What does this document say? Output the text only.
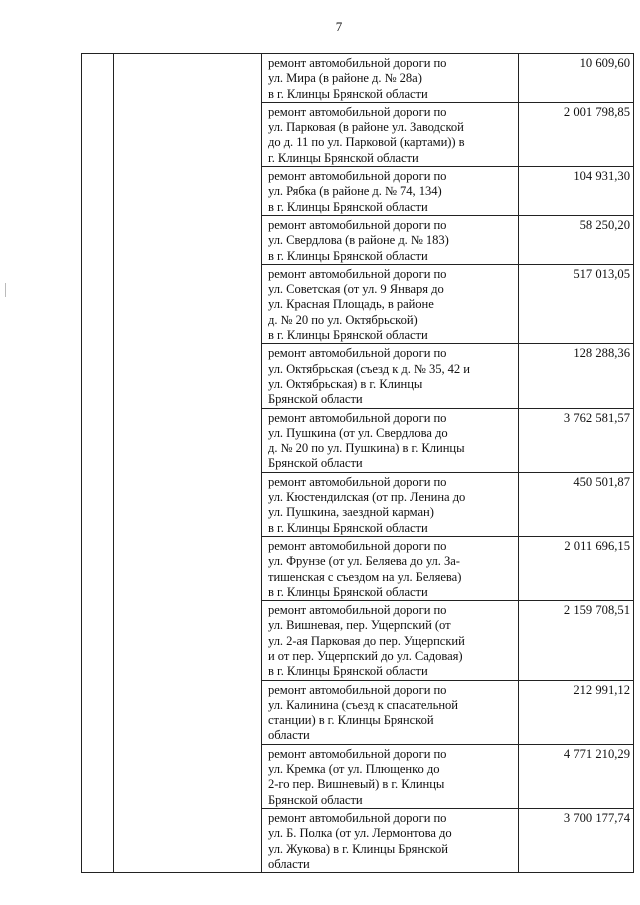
7

		ремонт автомобильной дороги по
ул. Мира (в районе д. № 28а)
в г. Клинцы Брянской области	10 609,60

		ремонт автомобильной дороги по
ул. Парковая (в районе ул. Заводской
до д. 11 по ул. Парковой (картами)) в
г. Клинцы Брянской области	2 001 798,85

		ремонт автомобильной дороги по
ул. Рябка (в районе д. № 74, 134)
в г. Клинцы Брянской области	104 931,30

		ремонт автомобильной дороги по
ул. Свердлова (в районе д. № 183)
в г. Клинцы Брянской области	58 250,20

		ремонт автомобильной дороги по
ул. Советская (от ул. 9 Января до
ул. Красная Площадь, в районе
д. № 20 по ул. Октябрьской)
в г. Клинцы Брянской области	517 013,05

		ремонт автомобильной дороги по
ул. Октябрьская (съезд к д. № 35, 42 и
ул. Октябрьская) в г. Клинцы
Брянской области	128 288,36

		ремонт автомобильной дороги по
ул. Пушкина (от ул. Свердлова до
д. № 20 по ул. Пушкина) в г. Клинцы
Брянской области	3 762 581,57

		ремонт автомобильной дороги по
ул. Кюстендилская (от пр. Ленина до
ул. Пушкина, заездной карман)
в г. Клинцы Брянской области	450 501,87

		ремонт автомобильной дороги по
ул. Фрунзе (от ул. Беляева до ул. За-
тишенская с съездом на ул. Беляева)
в г. Клинцы Брянской области	2 011 696,15

		ремонт автомобильной дороги по
ул. Вишневая, пер. Ущерпский (от
ул. 2-ая Парковая до пер. Ущерпский
и от пер. Ущерпский до ул. Садовая)
в г. Клинцы Брянской области	2 159 708,51

		ремонт автомобильной дороги по
ул. Калинина (съезд к спасательной
станции) в г. Клинцы Брянской
области	212 991,12

		ремонт автомобильной дороги по
ул. Кремка (от ул. Плющенко до
2-го пер. Вишневый) в г. Клинцы
Брянской области	4 771 210,29

		ремонт автомобильной дороги по
ул. Б. Полка (от ул. Лермонтова до
ул. Жукова) в г. Клинцы Брянской
области	3 700 177,74
